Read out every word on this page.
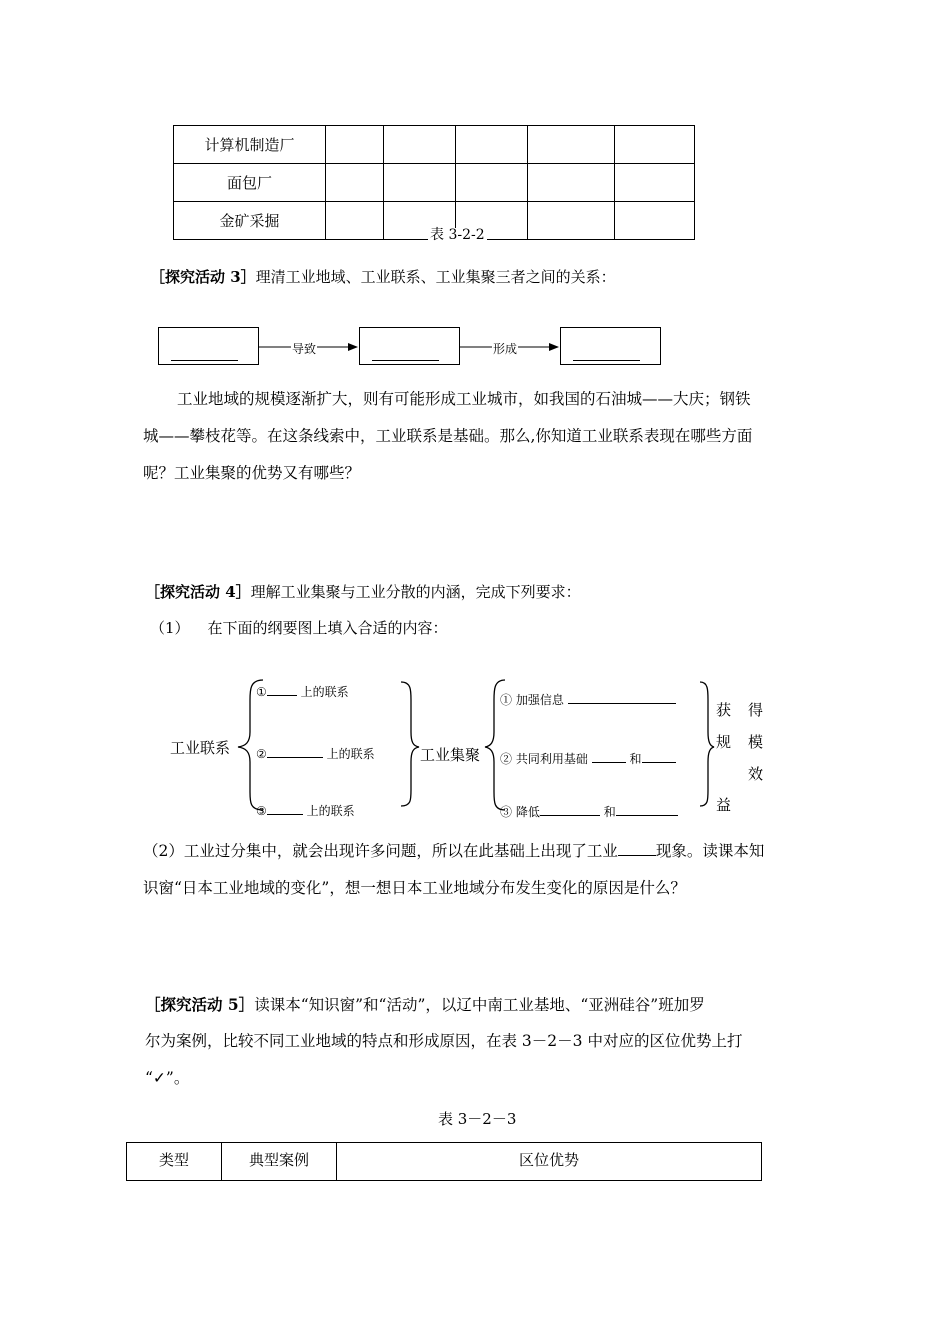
计算机制造厂					
面包厂					
金矿采掘					
表 3-2-2
［探究活动 3］理清工业地域、工业联系、工业集聚三者之间的关系：
导致	形成
工业地域的规模逐渐扩大，则有可能形成工业城市，如我国的石油城——大庆；钢铁
城——攀枝花等。在这条线索中，工业联系是基础。那么,你知道工业联系表现在哪些方面
呢？工业集聚的优势又有哪些？
［探究活动 4］理解工业集聚与工业分散的内涵，完成下列要求：
（1） 在下面的纲要图上填入合适的内容：
工业联系
①	上的联系
②	上的联系
③	上的联系
工业集聚
① 加强信息
② 共同利用基础	和
③ 降低	和
获 得
规 模
效
益
（2）工业过分集中，就会出现许多问题，所以在此基础上出现了工业 现象。读课本知
识窗“日本工业地域的变化”，想一想日本工业地域分布发生变化的原因是什么？
［探究活动 5］读课本“知识窗”和“活动”，以辽中南工业基地、“亚洲硅谷”班加罗
尔为案例，比较不同工业地域的特点和形成原因，在表 3－2－3 中对应的区位优势上打
“✓”。
表 3－2－3
类型	典型案例	区位优势
